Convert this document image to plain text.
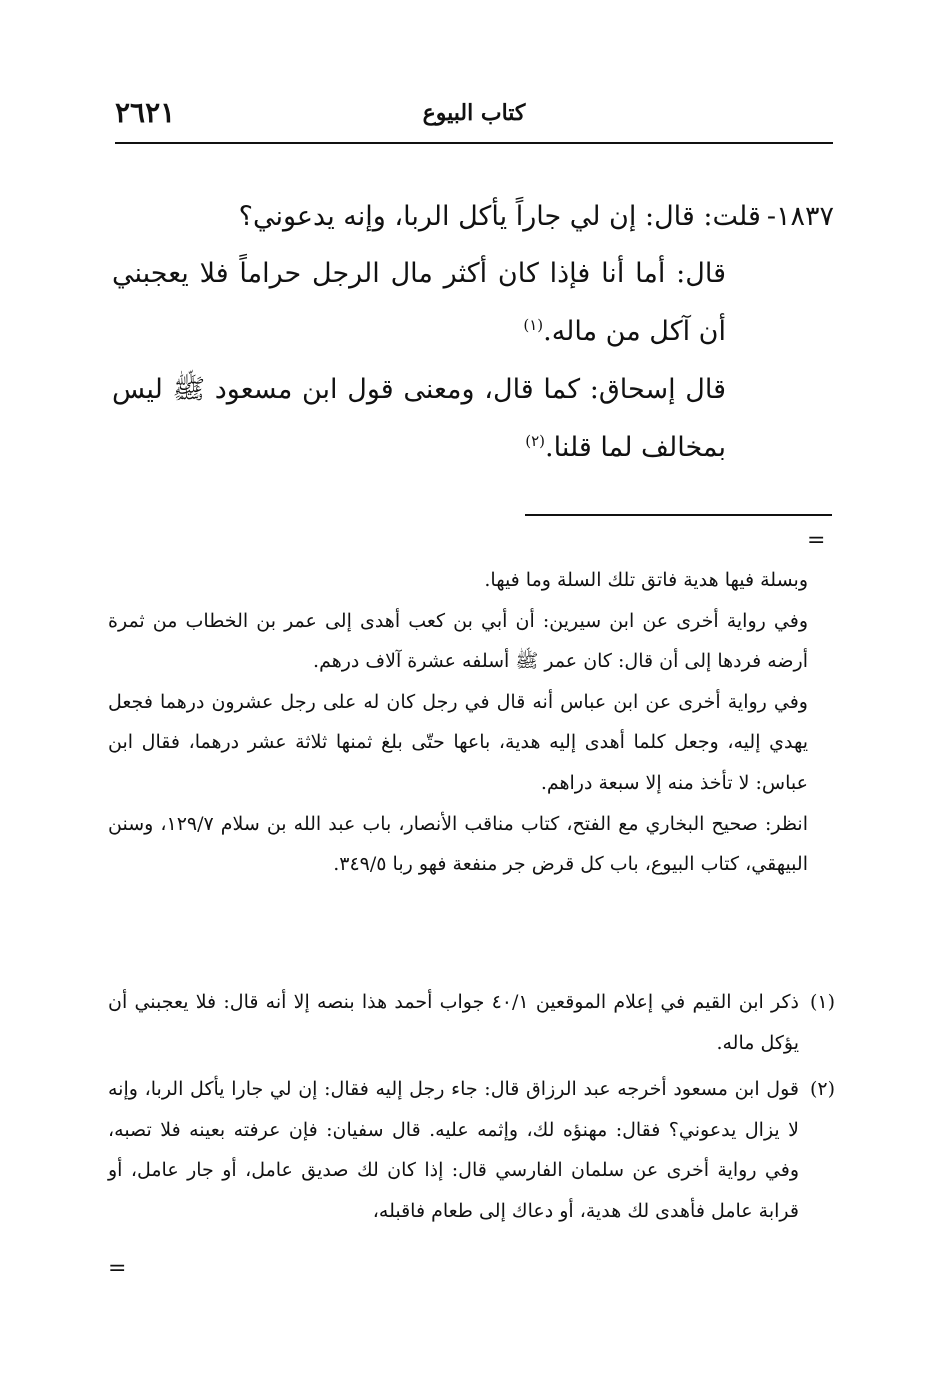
٢٦٢١	كتاب البيوع

١٨٣٧-قلت: قال: إن لي جاراً يأكل الربا، وإنه يدعوني؟

قال: أما أنا فإذا كان أكثر مال الرجل حراماً فلا يعجبني أن آكل من ماله.$^{(١)}$

قال إسحاق: كما قال، ومعنى قول ابن مسعود ﷺ ليس بمخالف لما قلنا.$^{(٢)}$

=

وبسلة فيها هدية فاتق تلك السلة وما فيها.

وفي رواية أخرى عن ابن سيرين: أن أبي بن كعب أهدى إلى عمر بن الخطاب من ثمرة أرضه فردها إلى أن قال: كان عمر ﷺ أسلفه عشرة آلاف درهم.

وفي رواية أخرى عن ابن عباس أنه قال في رجل كان له على رجل عشرون درهما فجعل يهدي إليه، وجعل كلما أهدى إليه هدية، باعها حتّى بلغ ثمنها ثلاثة عشر درهما، فقال ابن عباس: لا تأخذ منه إلا سبعة دراهم.

انظر: صحيح البخاري مع الفتح، كتاب مناقب الأنصار، باب عبد الله بن سلام ١٢٩/٧، وسنن البيهقي، كتاب البيوع، باب كل قرض جر منفعة فهو ربا ٣٤٩/٥.

(١)ذكر ابن القيم في إعلام الموقعين ٤٠/١ جواب أحمد هذا بنصه إلا أنه قال: فلا يعجبني أن يؤكل ماله.

(٢)قول ابن مسعود أخرجه عبد الرزاق قال: جاء رجل إليه فقال: إن لي جارا يأكل الربا، وإنه لا يزال يدعوني؟ فقال: مهنؤه لك، وإثمه عليه. قال سفيان: فإن عرفته بعينه فلا تصبه، وفي رواية أخرى عن سلمان الفارسي قال: إذا كان لك صديق عامل، أو جار عامل، أو قرابة عامل فأهدى لك هدية، أو دعاك إلى طعام فاقبله،

=
